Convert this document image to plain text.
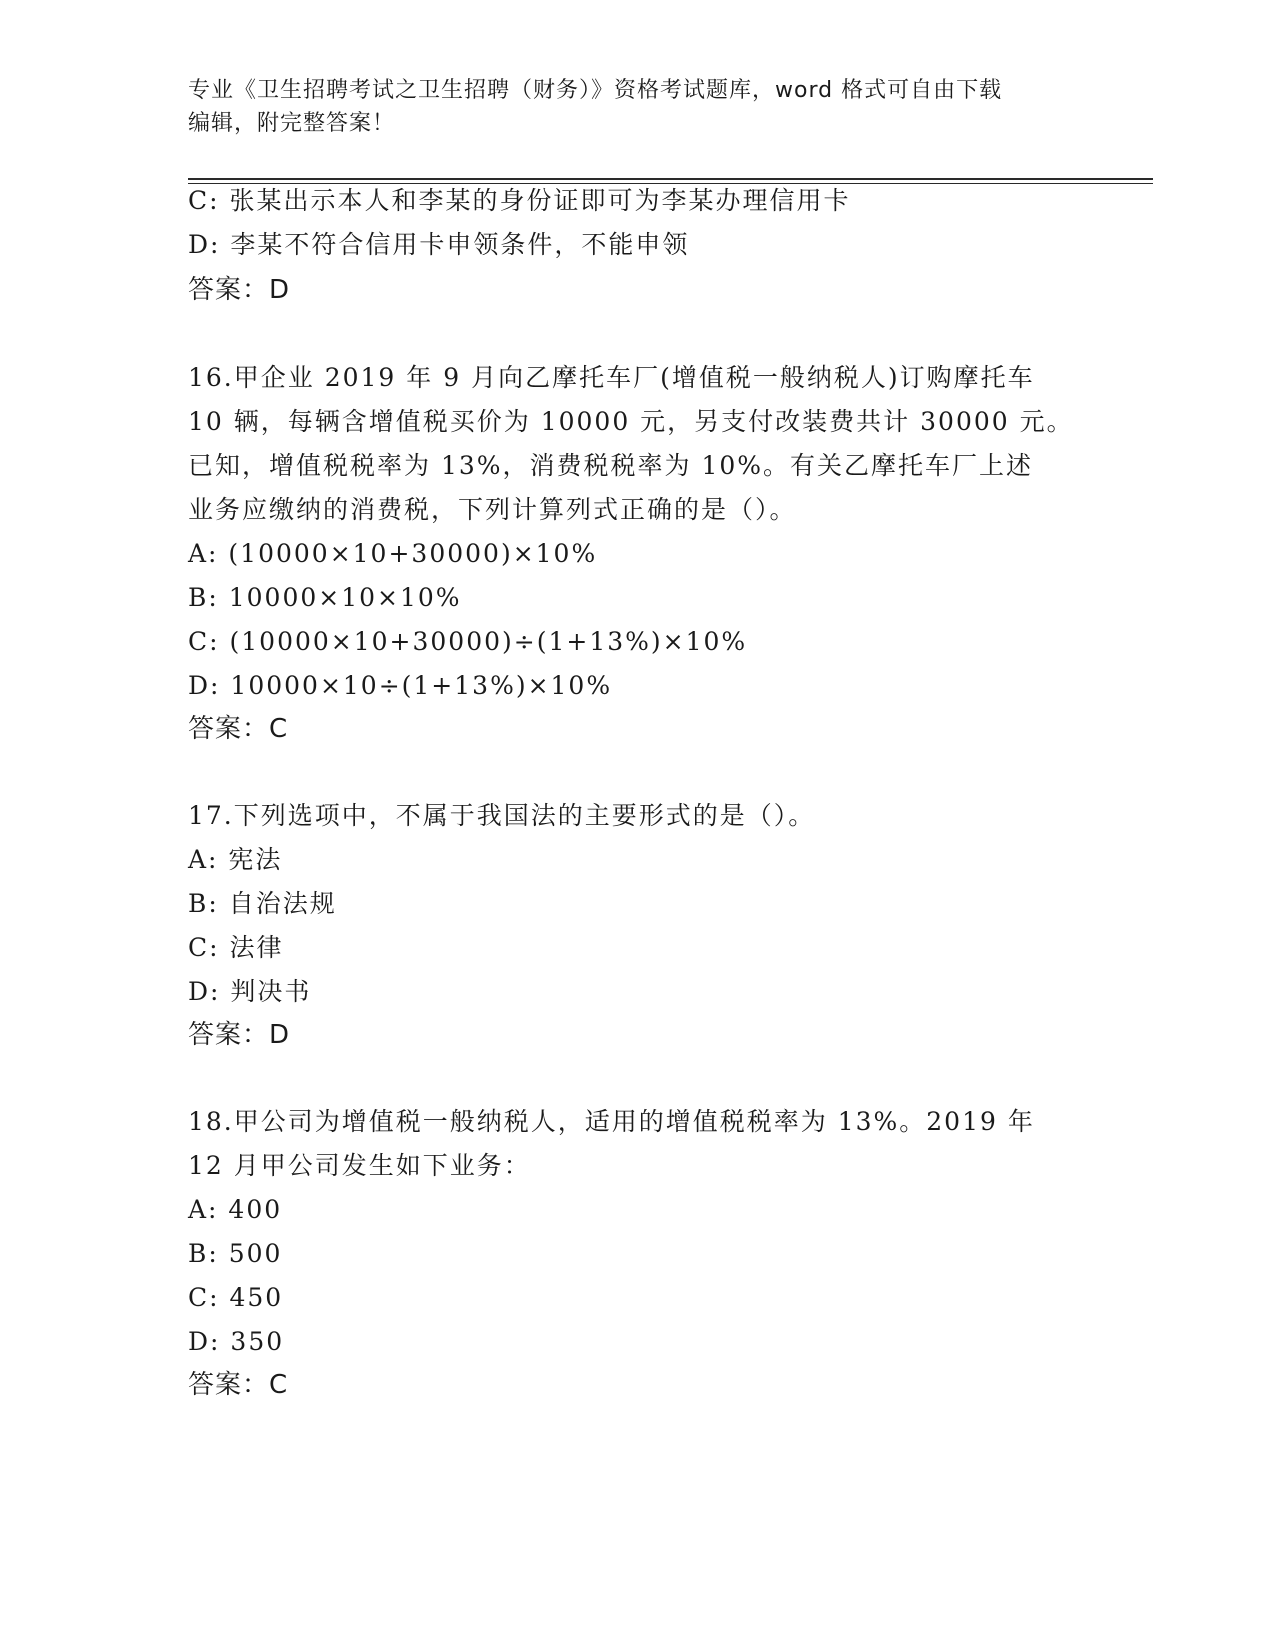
专业《卫生招聘考试之卫生招聘（财务）》资格考试题库，word 格式可自由下载
编辑，附完整答案！
C: 张某出示本人和李某的身份证即可为李某办理信用卡
D: 李某不符合信用卡申领条件，不能申领
答案：D
16.甲企业 2019 年 9 月向乙摩托车厂(增值税一般纳税人)订购摩托车
10 辆，每辆含增值税买价为 10000 元，另支付改装费共计 30000 元。
已知，增值税税率为 13%，消费税税率为 10%。有关乙摩托车厂上述
业务应缴纳的消费税，下列计算列式正确的是（）。
A: (10000×10+30000)×10%
B: 10000×10×10%
C: (10000×10+30000)÷(1+13%)×10%
D: 10000×10÷(1+13%)×10%
答案：C
17.下列选项中，不属于我国法的主要形式的是（）。
A: 宪法
B: 自治法规
C: 法律
D: 判决书
答案：D
18.甲公司为增值税一般纳税人，适用的增值税税率为 13%。2019 年
12 月甲公司发生如下业务：
A: 400
B: 500
C: 450
D: 350
答案：C
